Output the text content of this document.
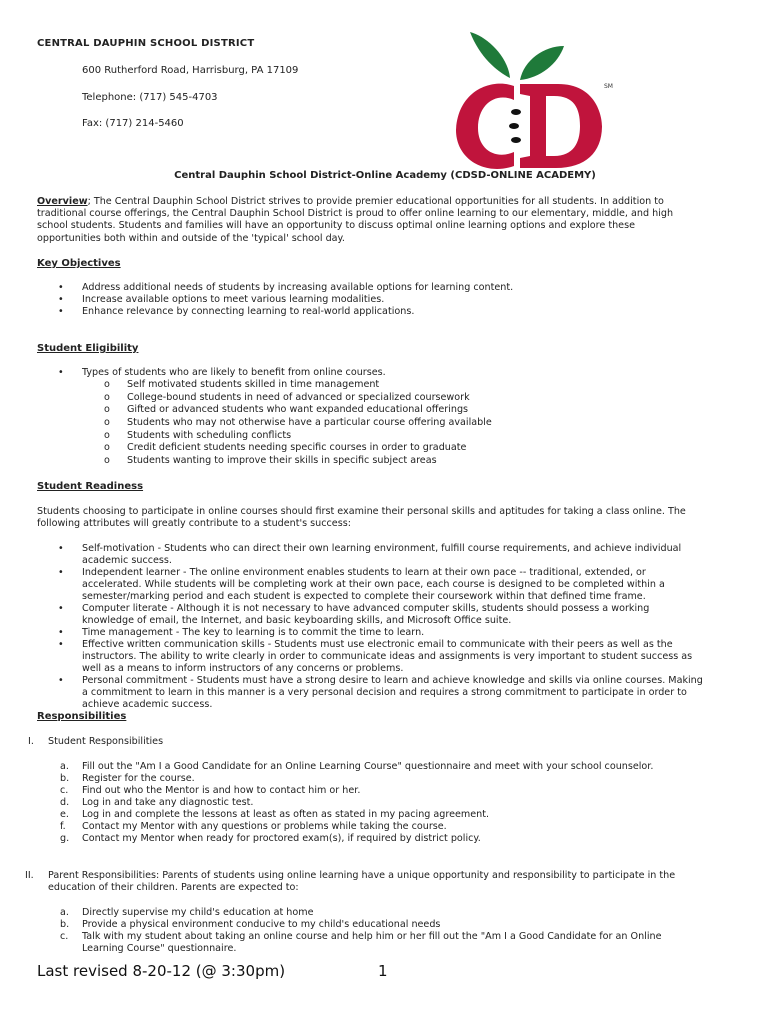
CENTRAL DAUPHIN SCHOOL DISTRICT
600 Rutherford Road, Harrisburg, PA 17109
Telephone: (717) 545-4703
Fax: (717) 214-5460
SM
Central Dauphin School District-Online Academy (CDSD-ONLINE ACADEMY)
Overview; The Central Dauphin School District strives to provide premier educational opportunities for all students. In addition to
traditional course offerings, the Central Dauphin School District is proud to offer online learning to our elementary, middle, and high
school students. Students and families will have an opportunity to discuss optimal online learning options and explore these
opportunities both within and outside of the 'typical' school day.
Key Objectives
• Address additional needs of students by increasing available options for learning content.
• Increase available options to meet various learning modalities.
• Enhance relevance by connecting learning to real-world applications.
Student Eligibility
• Types of students who are likely to benefit from online courses.
o Self motivated students skilled in time management
o College-bound students in need of advanced or specialized coursework
o Gifted or advanced students who want expanded educational offerings
o Students who may not otherwise have a particular course offering available
o Students with scheduling conflicts
o Credit deficient students needing specific courses in order to graduate
o Students wanting to improve their skills in specific subject areas
Student Readiness
Students choosing to participate in online courses should first examine their personal skills and aptitudes for taking a class online. The
following attributes will greatly contribute to a student's success:
• Self-motivation - Students who can direct their own learning environment, fulfill course requirements, and achieve individual
academic success.
• Independent learner - The online environment enables students to learn at their own pace -- traditional, extended, or
accelerated. While students will be completing work at their own pace, each course is designed to be completed within a
semester/marking period and each student is expected to complete their coursework within that defined time frame.
• Computer literate - Although it is not necessary to have advanced computer skills, students should possess a working
knowledge of email, the Internet, and basic keyboarding skills, and Microsoft Office suite.
• Time management - The key to learning is to commit the time to learn.
• Effective written communication skills - Students must use electronic email to communicate with their peers as well as the
instructors. The ability to write clearly in order to communicate ideas and assignments is very important to student success as
well as a means to inform instructors of any concerns or problems.
• Personal commitment - Students must have a strong desire to learn and achieve knowledge and skills via online courses. Making
a commitment to learn in this manner is a very personal decision and requires a strong commitment to participate in order to
achieve academic success.
Responsibilities
I. Student Responsibilities
a. Fill out the "Am I a Good Candidate for an Online Learning Course" questionnaire and meet with your school counselor.
b. Register for the course.
c. Find out who the Mentor is and how to contact him or her.
d. Log in and take any diagnostic test.
e. Log in and complete the lessons at least as often as stated in my pacing agreement.
f. Contact my Mentor with any questions or problems while taking the course.
g. Contact my Mentor when ready for proctored exam(s), if required by district policy.
II. Parent Responsibilities: Parents of students using online learning have a unique opportunity and responsibility to participate in the
education of their children. Parents are expected to:
a. Directly supervise my child's education at home
b. Provide a physical environment conducive to my child's educational needs
c. Talk with my student about taking an online course and help him or her fill out the "Am I a Good Candidate for an Online
Learning Course" questionnaire.
Last revised 8-20-12 (@ 3:30pm)	1
